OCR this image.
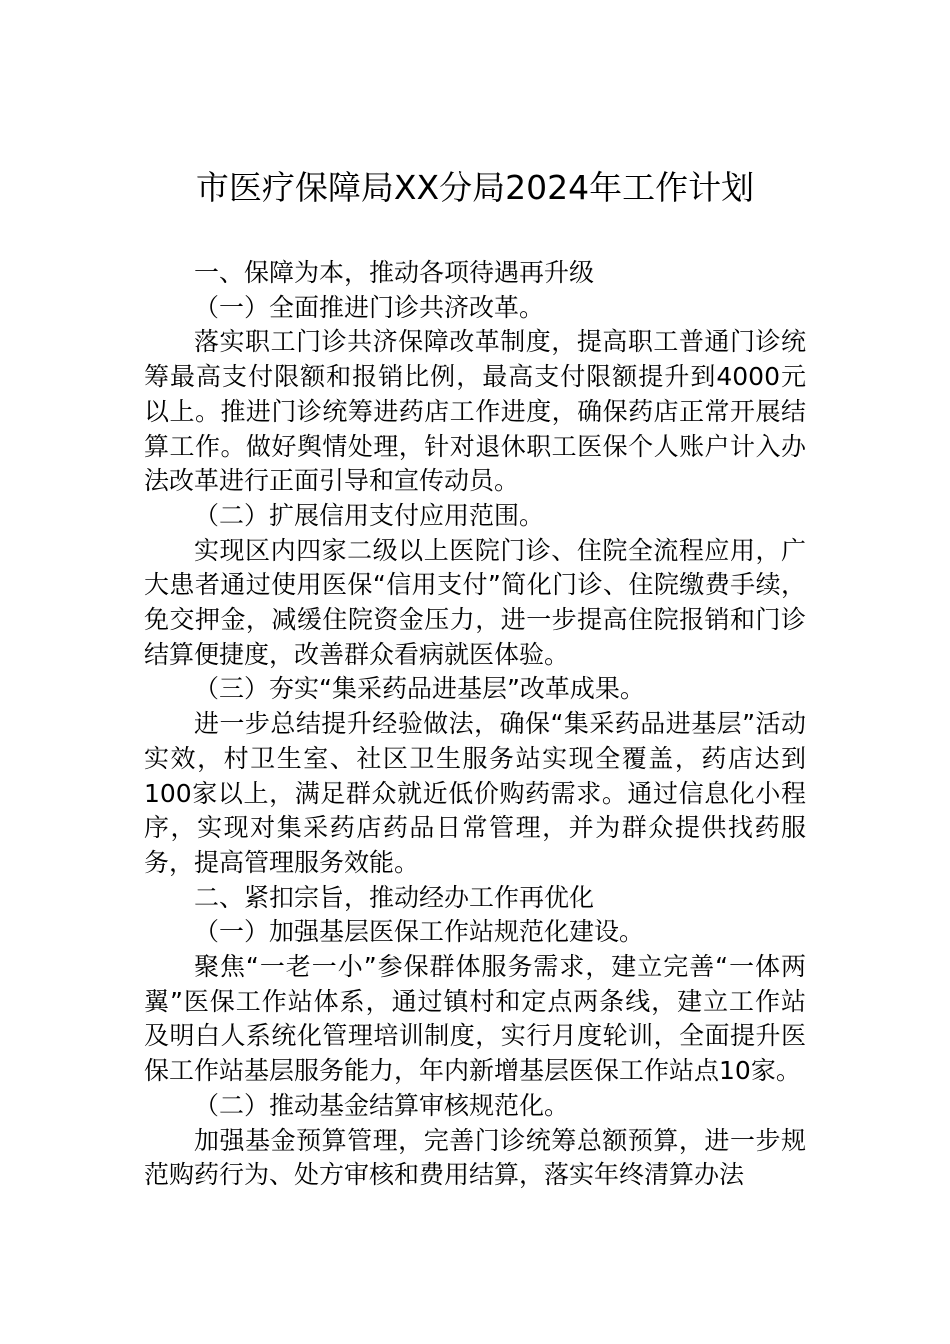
市医疗保障局XX分局2024年工作计划

一、保障为本，推动各项待遇再升级

（一）全面推进门诊共济改革。

落实职工门诊共济保障改革制度，提高职工普通门诊统筹最高支付限额和报销比例，最高支付限额提升到4000元以上。推进门诊统筹进药店工作进度，确保药店正常开展结算工作。做好舆情处理，针对退休职工医保个人账户计入办法改革进行正面引导和宣传动员。

（二）扩展信用支付应用范围。

实现区内四家二级以上医院门诊、住院全流程应用，广大患者通过使用医保“信用支付”简化门诊、住院缴费手续，免交押金，减缓住院资金压力，进一步提高住院报销和门诊结算便捷度，改善群众看病就医体验。

（三）夯实“集采药品进基层”改革成果。

进一步总结提升经验做法，确保“集采药品进基层”活动实效，村卫生室、社区卫生服务站实现全覆盖，药店达到100家以上，满足群众就近低价购药需求。通过信息化小程序，实现对集采药店药品日常管理，并为群众提供找药服务，提高管理服务效能。

二、紧扣宗旨，推动经办工作再优化

（一）加强基层医保工作站规范化建设。

聚焦“一老一小”参保群体服务需求，建立完善“一体两翼”医保工作站体系，通过镇村和定点两条线，建立工作站及明白人系统化管理培训制度，实行月度轮训，全面提升医保工作站基层服务能力，年内新增基层医保工作站点10家。

（二）推动基金结算审核规范化。

加强基金预算管理，完善门诊统筹总额预算，进一步规范购药行为、处方审核和费用结算，落实年终清算办法
